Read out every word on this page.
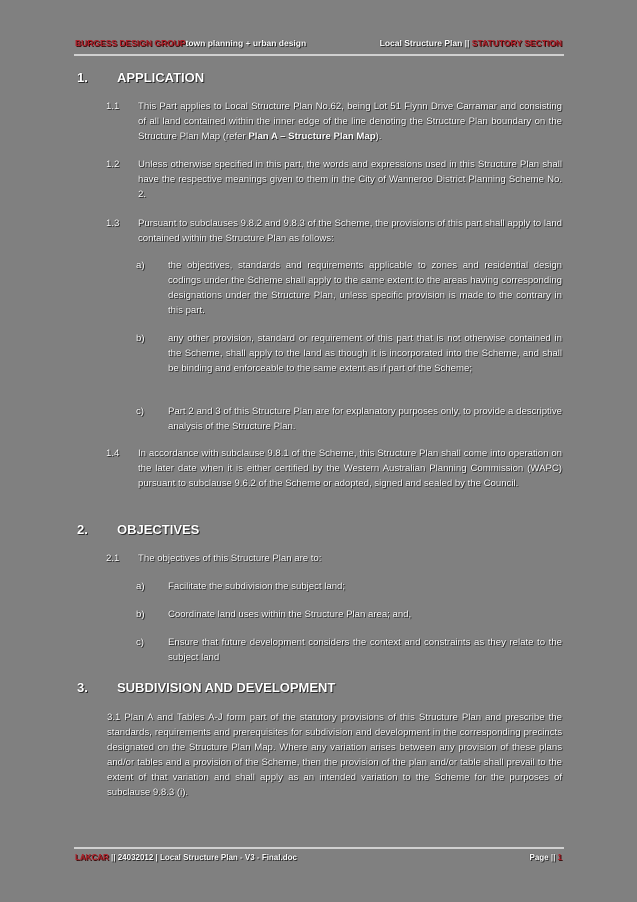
BURGESS DESIGN GROUPtown planning + urban design	Local Structure Plan || STATUTORY SECTION
1. APPLICATION
1.1 This Part applies to Local Structure Plan No.62, being Lot 51 Flynn Drive Carramar and consisting of all land contained within the inner edge of the line denoting the Structure Plan boundary on the Structure Plan Map (refer Plan A – Structure Plan Map).
1.2 Unless otherwise specified in this part, the words and expressions used in this Structure Plan shall have the respective meanings given to them in the City of Wanneroo District Planning Scheme No. 2.
1.3 Pursuant to subclauses 9.8.2 and 9.8.3 of the Scheme, the provisions of this part shall apply to land contained within the Structure Plan as follows:
a) the objectives, standards and requirements applicable to zones and residential design codings under the Scheme shall apply to the same extent to the areas having corresponding designations under the Structure Plan, unless specific provision is made to the contrary in this part.
b) any other provision, standard or requirement of this part that is not otherwise contained in the Scheme, shall apply to the land as though it is incorporated into the Scheme, and shall be binding and enforceable to the same extent as if part of the Scheme;
c)	Part 2 and 3 of this Structure Plan are for explanatory purposes only, to provide a descriptive analysis of the Structure Plan.
1.4 In accordance with subclause 9.8.1 of the Scheme, this Structure Plan shall come into operation on the later date when it is either certified by the Western Australian Planning Commission (WAPC) pursuant to subclause 9.6.2 of the Scheme or adopted, signed and sealed by the Council.
2. OBJECTIVES
2.1 The objectives of this Structure Plan are to:
a) Facilitate the subdivision the subject land;
b) Coordinate land uses within the Structure Plan area; and,
c)	Ensure that future development considers the context and constraints as they relate to the subject land
3. SUBDIVISION AND DEVELOPMENT
3.1 Plan A and Tables A-J form part of the statutory provisions of this Structure Plan and prescribe the standards, requirements and prerequisites for subdivision and development in the corresponding precincts designated on the Structure Plan Map. Where any variation arises between any provision of these plans and/or tables and a provision of the Scheme, then the provision of the plan and/or table shall prevail to the extent of that variation and shall apply as an intended variation to the Scheme for the purposes of subclause 9.8.3 (i).
LAKCAR || 24032012 | Local Structure Plan - V3 - Final.doc	Page || 1
